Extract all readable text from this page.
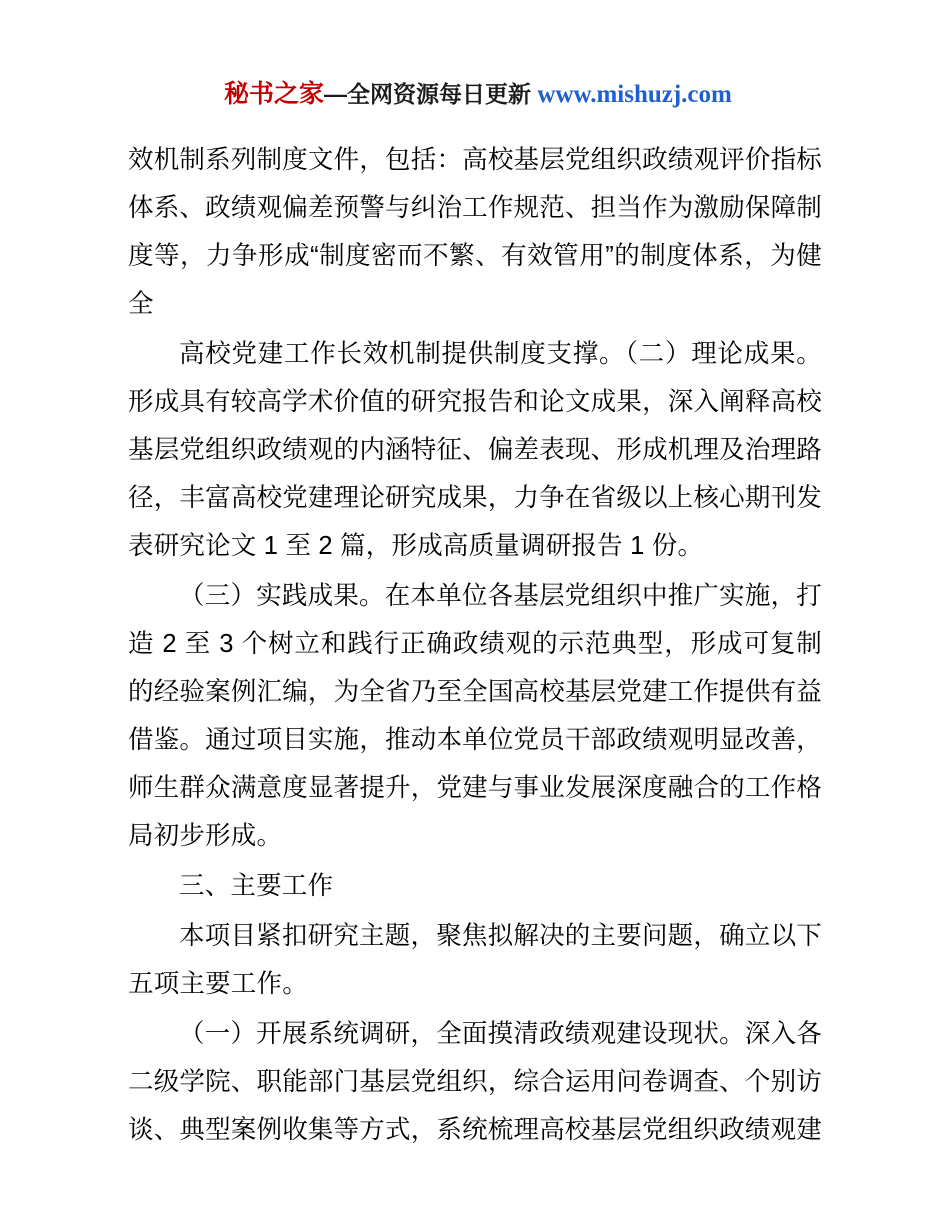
秘书之家—全网资源每日更新 www.mishuzj.com

效机制系列制度文件，包括：高校基层党组织政绩观评价指标体系、政绩观偏差预警与纠治工作规范、担当作为激励保障制度等，力争形成“制度密而不繁、有效管用”的制度体系，为健全

高校党建工作长效机制提供制度支撑。（二）理论成果。形成具有较高学术价值的研究报告和论文成果，深入阐释高校基层党组织政绩观的内涵特征、偏差表现、形成机理及治理路径，丰富高校党建理论研究成果，力争在省级以上核心期刊发表研究论文 1 至 2 篇，形成高质量调研报告 1 份。

（三）实践成果。在本单位各基层党组织中推广实施，打造 2 至 3 个树立和践行正确政绩观的示范典型，形成可复制的经验案例汇编，为全省乃至全国高校基层党建工作提供有益借鉴。通过项目实施，推动本单位党员干部政绩观明显改善，师生群众满意度显著提升，党建与事业发展深度融合的工作格局初步形成。

三、主要工作

本项目紧扣研究主题，聚焦拟解决的主要问题，确立以下五项主要工作。

（一）开展系统调研，全面摸清政绩观建设现状。深入各二级学院、职能部门基层党组织，综合运用问卷调查、个别访谈、典型案例收集等方式，系统梳理高校基层党组织政绩观建
